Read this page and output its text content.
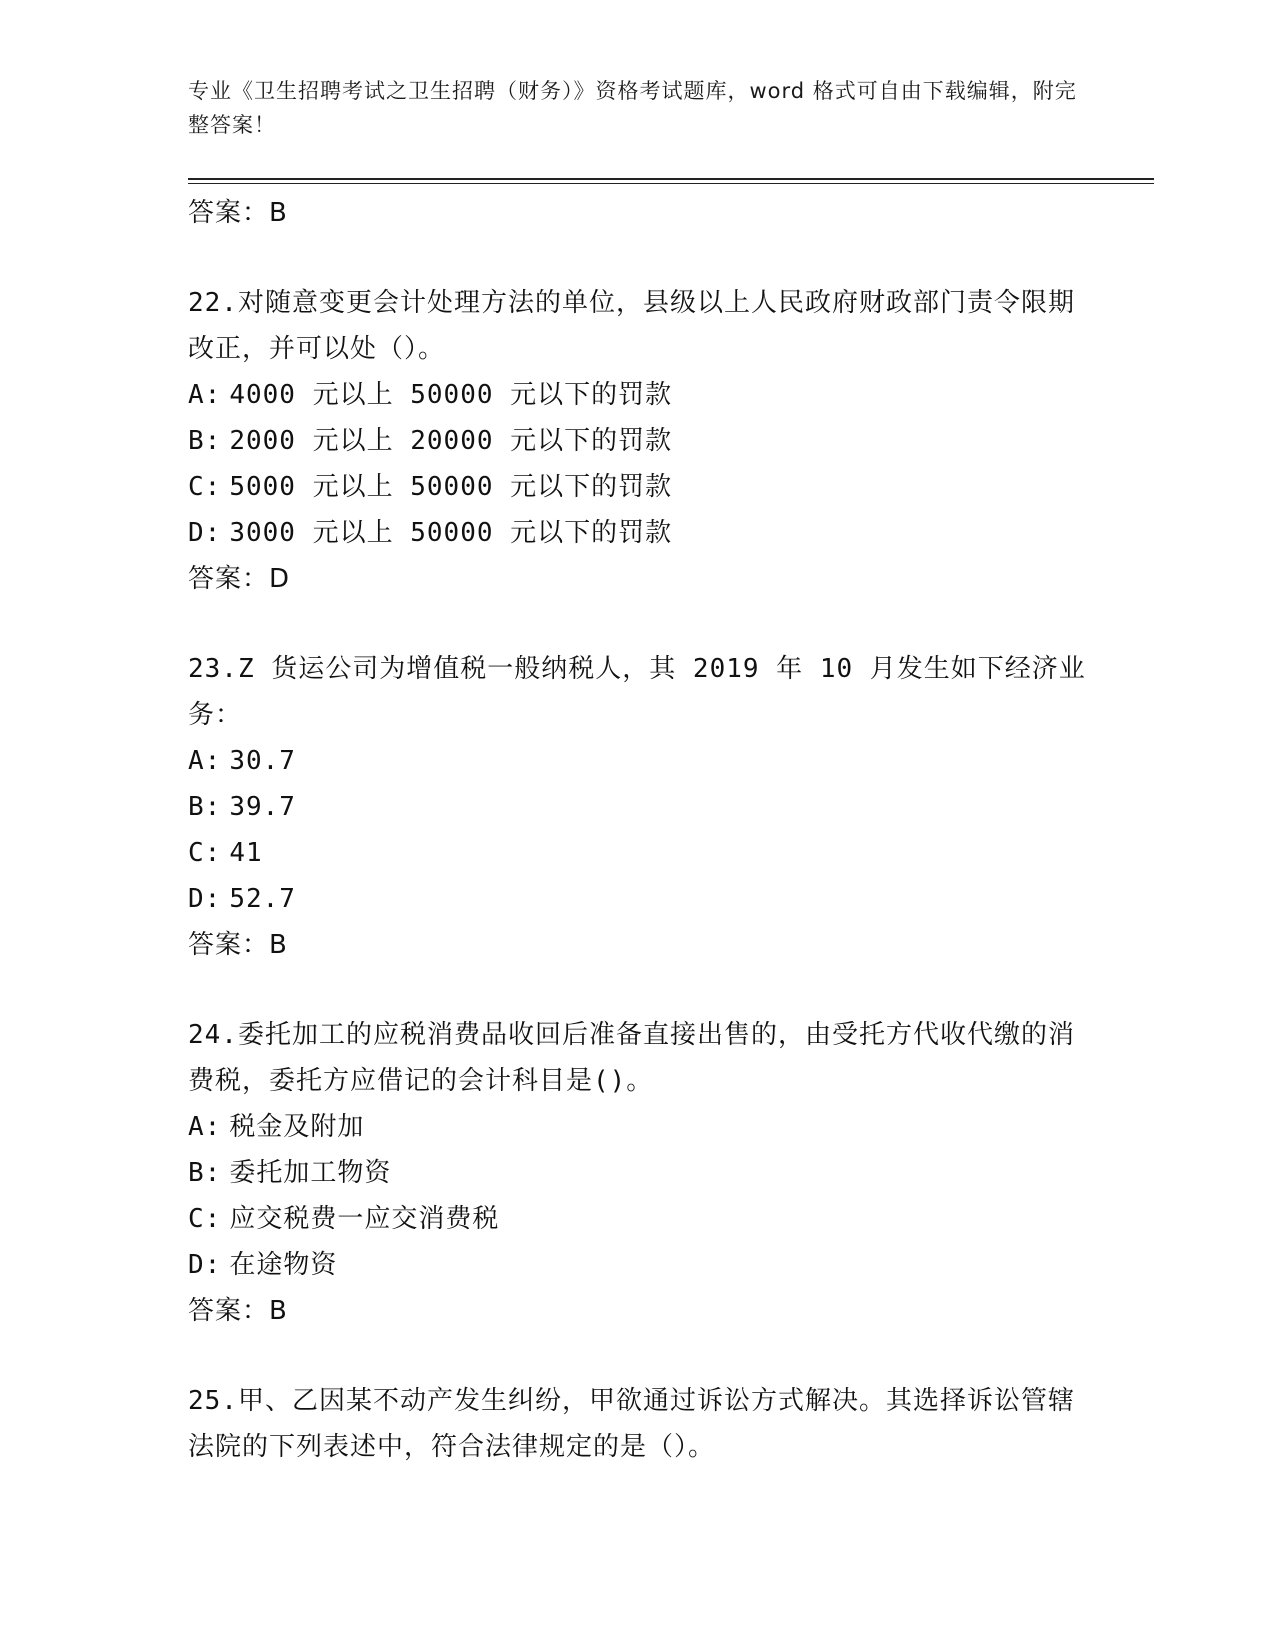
专业《卫生招聘考试之卫生招聘（财务）》资格考试题库，word 格式可自由下载编辑，附完整答案！
答案：B

22.对随意变更会计处理方法的单位，县级以上人民政府财政部门责令限期改正，并可以处（）。

A: 4000 元以上 50000 元以下的罚款
B: 2000 元以上 20000 元以下的罚款
C: 5000 元以上 50000 元以下的罚款
D: 3000 元以上 50000 元以下的罚款
答案：D

23.Z 货运公司为增值税一般纳税人，其 2019 年 10 月发生如下经济业务：

A: 30.7
B: 39.7
C: 41
D: 52.7
答案：B

24.委托加工的应税消费品收回后准备直接出售的，由受托方代收代缴的消费税，委托方应借记的会计科目是()。

A: 税金及附加
B: 委托加工物资
C: 应交税费一应交消费税
D: 在途物资
答案：B

25.甲、乙因某不动产发生纠纷，甲欲通过诉讼方式解决。其选择诉讼管辖法院的下列表述中，符合法律规定的是（）。
